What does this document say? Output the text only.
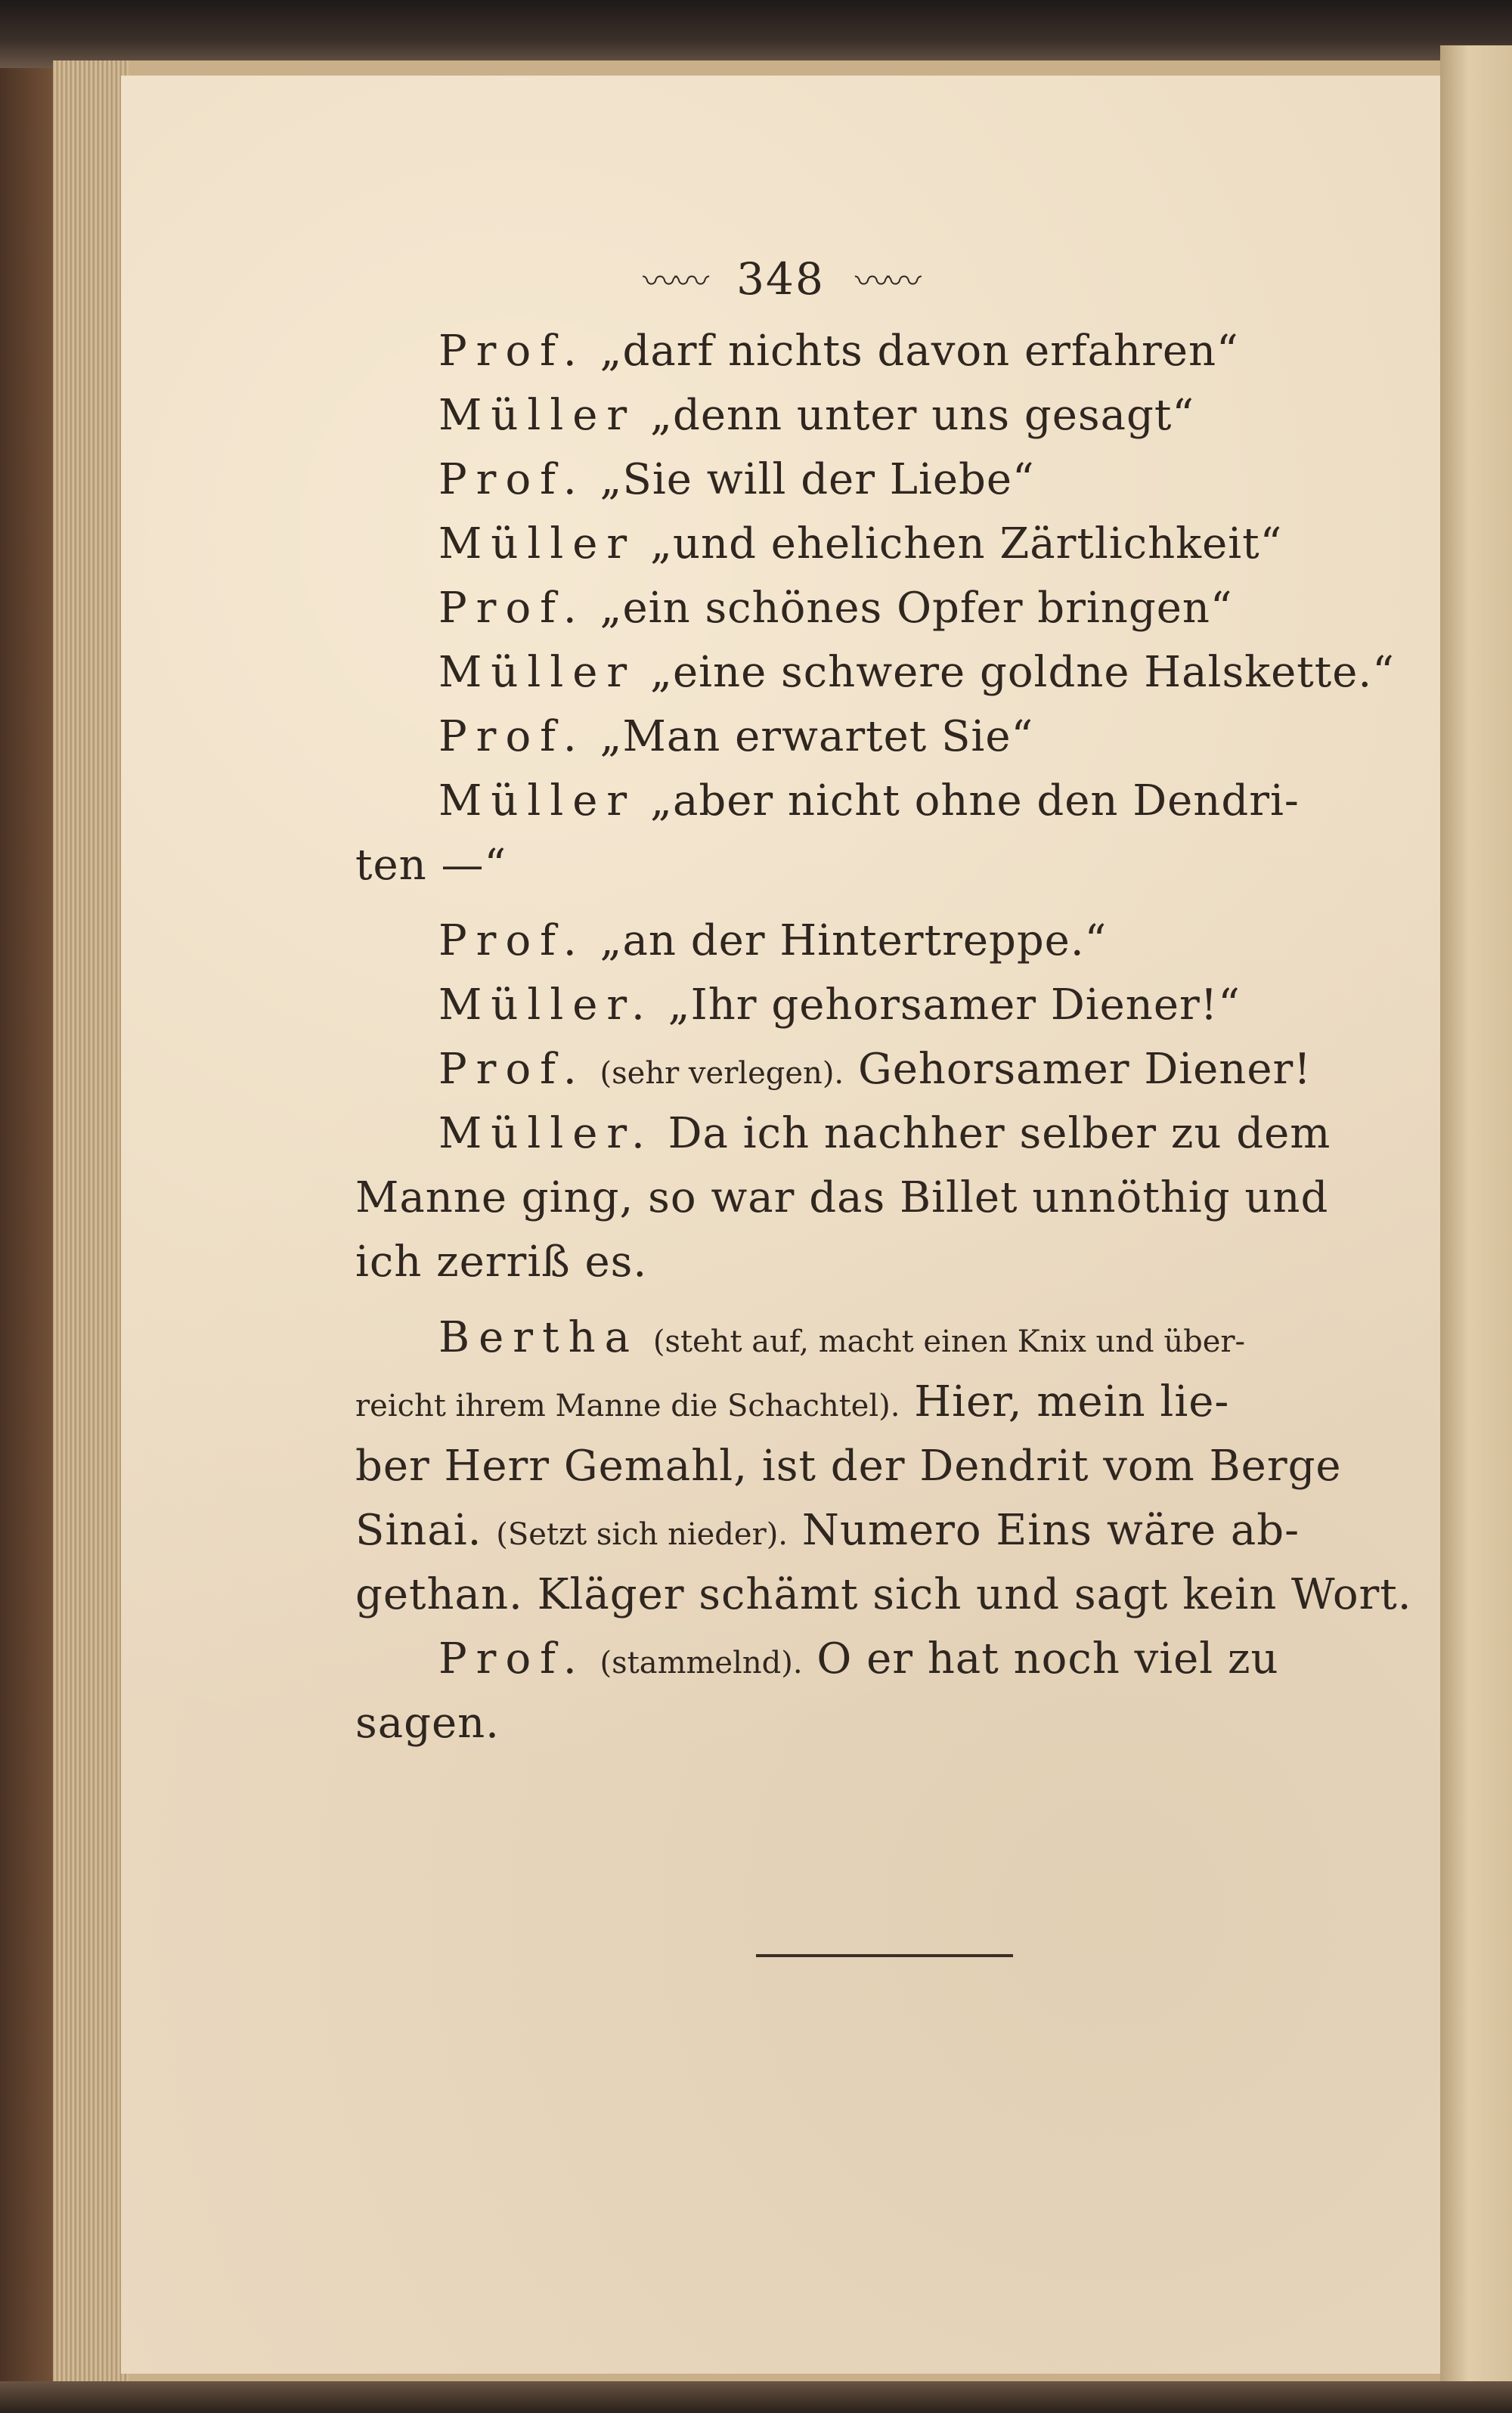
〰〰 348 〰〰
Prof. „darf nichts davon erfahren“
Müller „denn unter uns gesagt“
Prof. „Sie will der Liebe“
Müller „und ehelichen Zärtlichkeit“
Prof. „ein schönes Opfer bringen“
Müller „eine schwere goldne Halskette.“
Prof. „Man erwartet Sie“
Müller „aber nicht ohne den Dendri-
ten —“
Prof. „an der Hintertreppe.“
Müller. „Ihr gehorsamer Diener!“
Prof. (sehr verlegen). Gehorsamer Diener!
Müller. Da ich nachher selber zu dem
Manne ging, so war das Billet unnöthig und
ich zerriß es.
Bertha (steht auf, macht einen Knix und über-
reicht ihrem Manne die Schachtel). Hier, mein lie-
ber Herr Gemahl, ist der Dendrit vom Berge
Sinai. (Setzt sich nieder). Numero Eins wäre ab-
gethan. Kläger schämt sich und sagt kein Wort.
Prof. (stammelnd). O er hat noch viel zu
sagen.
